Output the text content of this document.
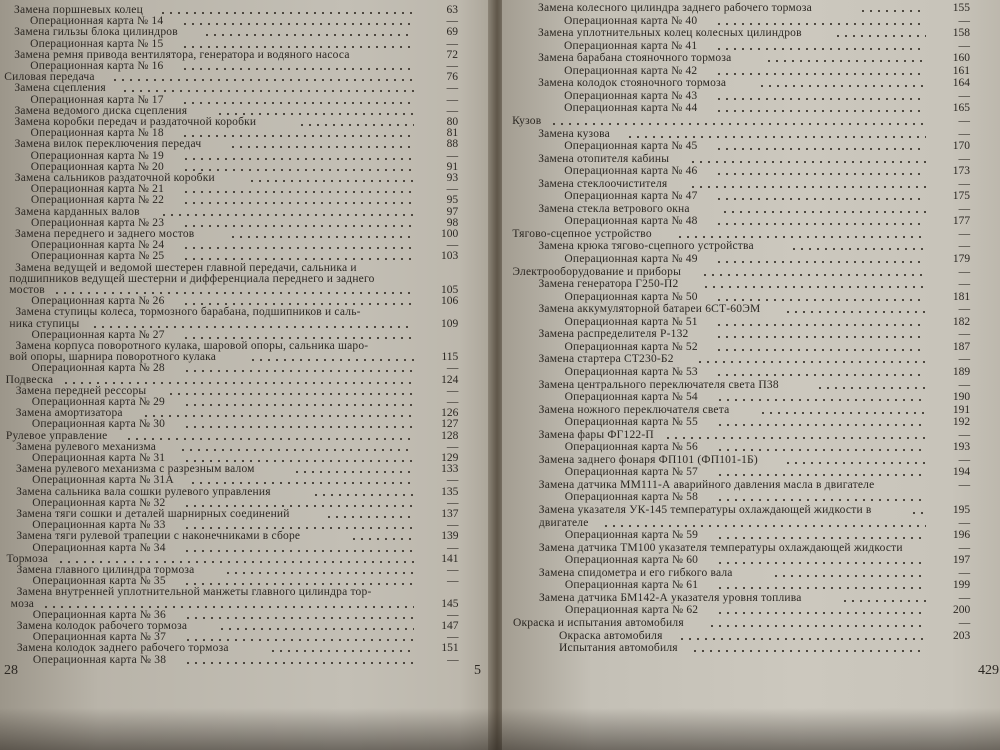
Замена поршневых колец	63
Операционная карта № 14	—
Замена гильзы блока цилиндров	69
Операционная карта № 15	—
Замена ремня привода вентилятора, генератора и водяного насоса	72
Операционная карта № 16	—
Силовая передача	76
Замена сцепления	—
Операционная карта № 17	—
Замена ведомого диска сцепления	—
Замена коробки передач и раздаточной коробки	80
Операционная карта № 18	81
Замена вилок переключения передач	88
Операционная карта № 19	—
Операционная карта № 20	91
Замена сальников раздаточной коробки	93
Операционная карта № 21	—
Операционная карта № 22	95
Замена карданных валов	97
Операционная карта № 23	98
Замена переднего и заднего мостов	100
Операционная карта № 24	—
Операционная карта № 25	103
Замена ведущей и ведомой шестерен главной передачи, сальника и
подшипников ведущей шестерни и дифференциала переднего и заднего
мостов	105
Операционная карта № 26	106
Замена ступицы колеса, тормозного барабана, подшипников и саль-
ника ступицы	109
Операционная карта № 27
Замена корпуса поворотного кулака, шаровой опоры, сальника шаро-
вой опоры, шарнира поворотного кулака	115
Операционная карта № 28	—
Подвеска	124
Замена передней рессоры	—
Операционная карта № 29	—
Замена амортизатора	126
Операционная карта № 30	127
Рулевое управление	128
Замена рулевого механизма	—
Операционная карта № 31	129
Замена рулевого механизма с разрезным валом	133
Операционная карта № 31А	—
Замена сальника вала сошки рулевого управления	135
Операционная карта № 32	—
Замена тяги сошки и деталей шарнирных соединений	137
Операционная карта № 33	—
Замена тяги рулевой трапеции с наконечниками в сборе	139
Операционная карта № 34	—
Тормоза	141
Замена главного цилиндра тормоза	—
Операционная карта № 35	—
Замена внутренней уплотнительной манжеты главного цилиндра тор-
моза	145
Операционная карта № 36	—
Замена колодок рабочего тормоза	147
Операционная карта № 37	—
Замена колодок заднего рабочего тормоза	151
Операционная карта № 38	—
28
Замена колесного цилиндра заднего рабочего тормоза	155
Операционная карта № 40	—
Замена уплотнительных колец колесных цилиндров	158
Операционная карта № 41	—
Замена барабана стояночного тормоза	160
Операционная карта № 42	161
Замена колодок стояночного тормоза	164
Операционная карта № 43	—
Операционная карта № 44	165
Кузов	—
Замена кузова	—
Операционная карта № 45	170
Замена отопителя кабины	—
Операционная карта № 46	173
Замена стеклоочистителя	—
Операционная карта № 47	175
Замена стекла ветрового окна	—
Операционная карта № 48	177
Тягово-сцепное устройство	—
Замена крюка тягово-сцепного устройства	—
Операционная карта № 49	179
Электрооборудование и приборы	—
Замена генератора Г250-П2	—
Операционная карта № 50	181
Замена аккумуляторной батареи 6СТ-60ЭМ	—
Операционная карта № 51	182
Замена распределителя Р-132	—
Операционная карта № 52	187
Замена стартера СТ230-Б2	—
Операционная карта № 53	189
Замена центрального переключателя света П38	—
Операционная карта № 54	190
Замена ножного переключателя света	191
Операционная карта № 55	192
Замена фары ФГ122-П	—
Операционная карта № 56	193
Замена заднего фонаря ФП101 (ФП101-1Б)	—
Операционная карта № 57	194
Замена датчика ММ111-А аварийного давления масла в двигателе	—
Операционная карта № 58
Замена указателя УК-145 температуры охлаждающей жидкости в	195
двигателе	—
Операционная карта № 59	196
Замена датчика ТМ100 указателя температуры охлаждающей жидкости	—
Операционная карта № 60	197
Замена спидометра и его гибкого вала	—
Операционная карта № 61	199
Замена датчика БМ142-А указателя уровня топлива	—
Операционная карта № 62	200
Окраска и испытания автомобиля	—
Окраска автомобиля	203
Испытания автомобиля
5	429
